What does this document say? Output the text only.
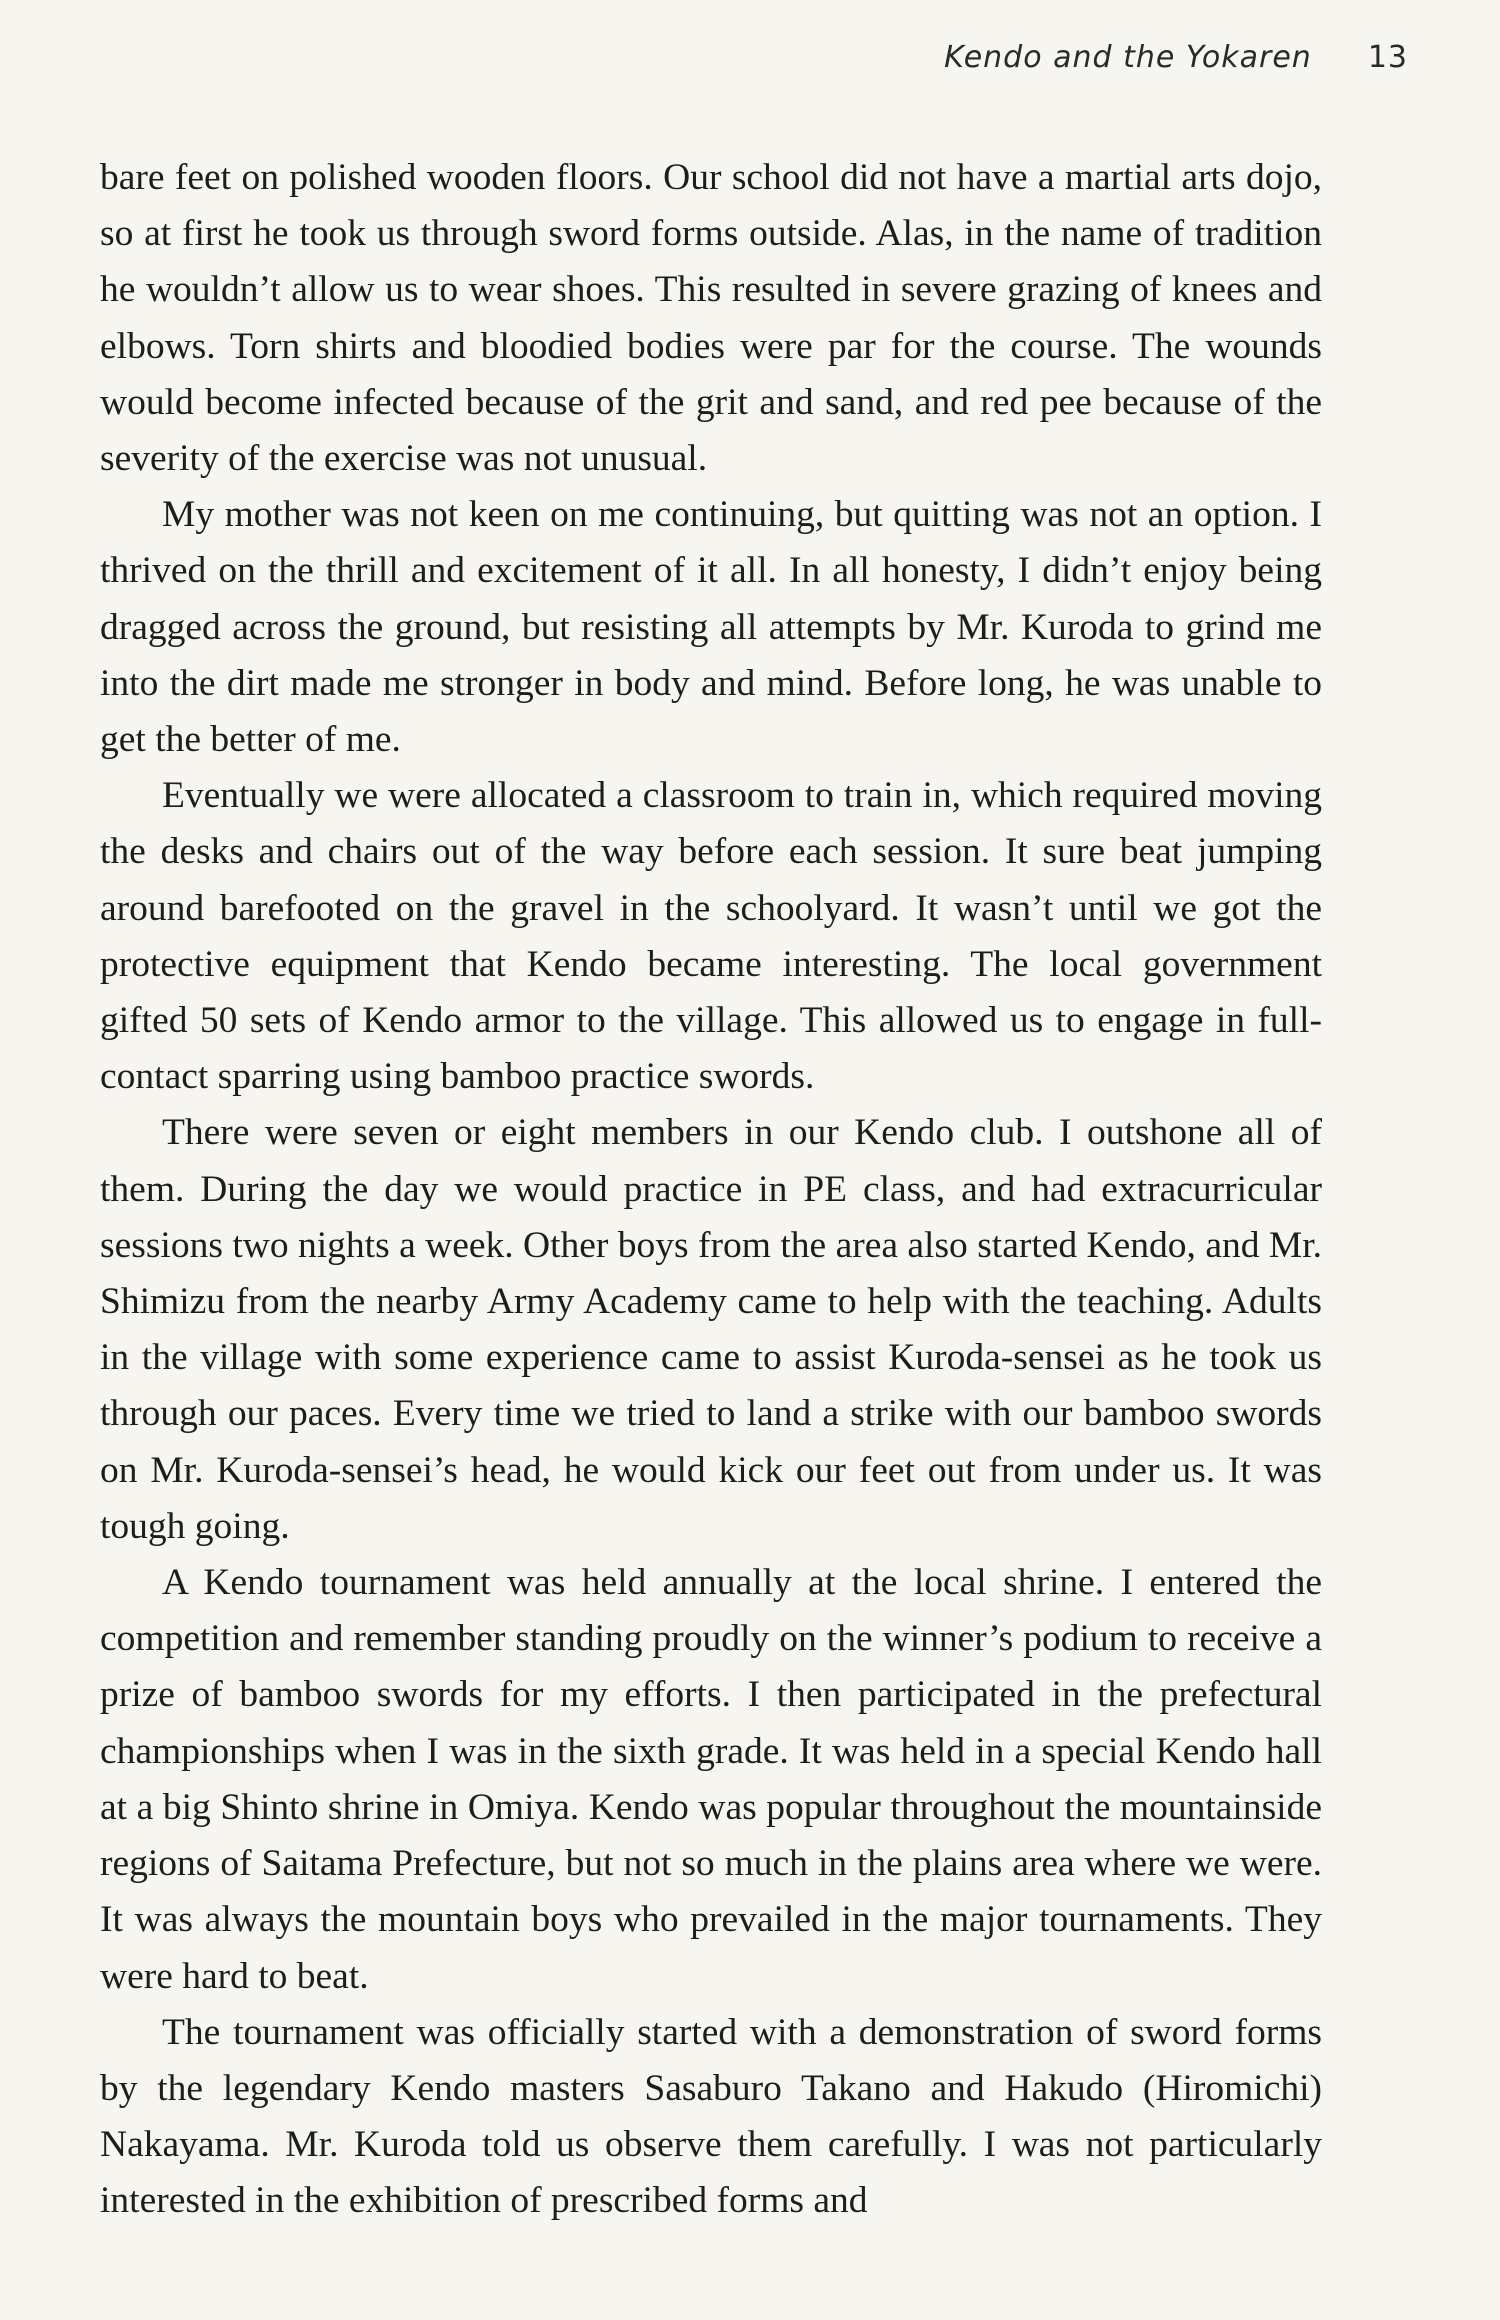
Kendo and the Yokaren 13

bare feet on polished wooden floors. Our school did not have a martial arts dojo, so at first he took us through sword forms outside. Alas, in the name of tradition he wouldn’t allow us to wear shoes. This resulted in severe grazing of knees and elbows. Torn shirts and bloodied bodies were par for the course. The wounds would become infected because of the grit and sand, and red pee because of the severity of the exercise was not unusual.

My mother was not keen on me continuing, but quitting was not an option. I thrived on the thrill and excitement of it all. In all honesty, I didn’t enjoy being dragged across the ground, but resisting all attempts by Mr. Kuroda to grind me into the dirt made me stronger in body and mind. Before long, he was unable to get the better of me.

Eventually we were allocated a classroom to train in, which required moving the desks and chairs out of the way before each session. It sure beat jumping around barefooted on the gravel in the schoolyard. It wasn’t until we got the protective equipment that Kendo became interesting. The local government gifted 50 sets of Kendo armor to the village. This allowed us to engage in full-contact sparring using bamboo practice swords.

There were seven or eight members in our Kendo club. I outshone all of them. During the day we would practice in PE class, and had extracurricular sessions two nights a week. Other boys from the area also started Kendo, and Mr. Shimizu from the nearby Army Academy came to help with the teaching. Adults in the village with some experience came to assist Kuroda-sensei as he took us through our paces. Every time we tried to land a strike with our bamboo swords on Mr. Kuroda-sensei’s head, he would kick our feet out from under us. It was tough going.

A Kendo tournament was held annually at the local shrine. I entered the competition and remember standing proudly on the winner’s podium to receive a prize of bamboo swords for my efforts. I then participated in the prefectural championships when I was in the sixth grade. It was held in a special Kendo hall at a big Shinto shrine in Omiya. Kendo was popular throughout the mountainside regions of Saitama Prefecture, but not so much in the plains area where we were. It was always the mountain boys who prevailed in the major tournaments. They were hard to beat.

The tournament was officially started with a demonstration of sword forms by the legendary Kendo masters Sasaburo Takano and Hakudo (Hiromichi) Nakayama. Mr. Kuroda told us observe them carefully. I was not particularly interested in the exhibition of prescribed forms and
